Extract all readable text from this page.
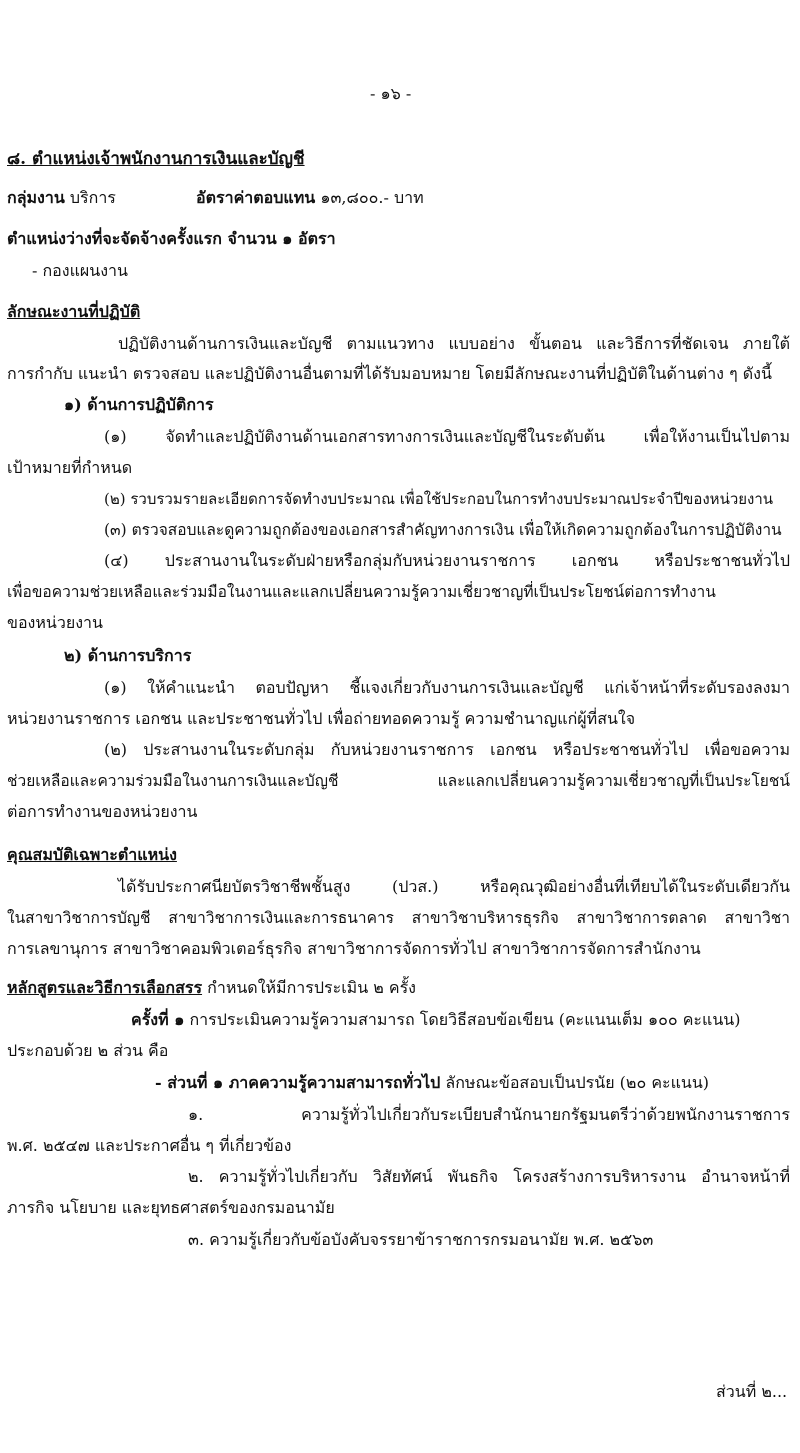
- ๑๖ -
๘. ตำแหน่งเจ้าพนักงานการเงินและบัญชี
กลุ่มงาน บริการ	อัตราค่าตอบแทน ๑๓,๘๐๐.- บาท
ตำแหน่งว่างที่จะจัดจ้างครั้งแรก จำนวน ๑ อัตรา
- กองแผนงาน
ลักษณะงานที่ปฏิบัติ
ปฏิบัติงานด้านการเงินและบัญชี ตามแนวทาง แบบอย่าง ขั้นตอน และวิธีการที่ชัดเจน ภายใต้
การกำกับ แนะนำ ตรวจสอบ และปฏิบัติงานอื่นตามที่ได้รับมอบหมาย โดยมีลักษณะงานที่ปฏิบัติในด้านต่าง ๆ ดังนี้
๑) ด้านการปฏิบัติการ
(๑) จัดทำและปฏิบัติงานด้านเอกสารทางการเงินและบัญชีในระดับต้น เพื่อให้งานเป็นไปตาม
เป้าหมายที่กำหนด
(๒) รวบรวมรายละเอียดการจัดทำงบประมาณ เพื่อใช้ประกอบในการทำงบประมาณประจำปีของหน่วยงาน
(๓) ตรวจสอบและดูความถูกต้องของเอกสารสำคัญทางการเงิน เพื่อให้เกิดความถูกต้องในการปฏิบัติงาน
(๔) ประสานงานในระดับฝ่ายหรือกลุ่มกับหน่วยงานราชการ เอกชน หรือประชาชนทั่วไป
เพื่อขอความช่วยเหลือและร่วมมือในงานและแลกเปลี่ยนความรู้ความเชี่ยวชาญที่เป็นประโยชน์ต่อการทำงาน
ของหน่วยงาน
๒) ด้านการบริการ
(๑) ให้คำแนะนำ ตอบปัญหา ชี้แจงเกี่ยวกับงานการเงินและบัญชี แก่เจ้าหน้าที่ระดับรองลงมา
หน่วยงานราชการ เอกชน และประชาชนทั่วไป เพื่อถ่ายทอดความรู้ ความชำนาญแก่ผู้ที่สนใจ
(๒) ประสานงานในระดับกลุ่ม กับหน่วยงานราชการ เอกชน หรือประชาชนทั่วไป เพื่อขอความ
ช่วยเหลือและความร่วมมือในงานการเงินและบัญชี และแลกเปลี่ยนความรู้ความเชี่ยวชาญที่เป็นประโยชน์
ต่อการทำงานของหน่วยงาน
คุณสมบัติเฉพาะตำแหน่ง
ได้รับประกาศนียบัตรวิชาชีพชั้นสูง (ปวส.) หรือคุณวุฒิอย่างอื่นที่เทียบได้ในระดับเดียวกัน
ในสาขาวิชาการบัญชี สาขาวิชาการเงินและการธนาคาร สาขาวิชาบริหารธุรกิจ สาขาวิชาการตลาด สาขาวิชา
การเลขานุการ สาขาวิชาคอมพิวเตอร์ธุรกิจ สาขาวิชาการจัดการทั่วไป สาขาวิชาการจัดการสำนักงาน
หลักสูตรและวิธีการเลือกสรร กำหนดให้มีการประเมิน ๒ ครั้ง
ครั้งที่ ๑ การประเมินความรู้ความสามารถ โดยวิธีสอบข้อเขียน (คะแนนเต็ม ๑๐๐ คะแนน)
ประกอบด้วย ๒ ส่วน คือ
- ส่วนที่ ๑ ภาคความรู้ความสามารถทั่วไป ลักษณะข้อสอบเป็นปรนัย (๒๐ คะแนน)
๑. ความรู้ทั่วไปเกี่ยวกับระเบียบสำนักนายกรัฐมนตรีว่าด้วยพนักงานราชการ
พ.ศ. ๒๕๔๗ และประกาศอื่น ๆ ที่เกี่ยวข้อง
๒. ความรู้ทั่วไปเกี่ยวกับ วิสัยทัศน์ พันธกิจ โครงสร้างการบริหารงาน อำนาจหน้าที่
ภารกิจ นโยบาย และยุทธศาสตร์ของกรมอนามัย
๓. ความรู้เกี่ยวกับข้อบังคับจรรยาข้าราชการกรมอนามัย พ.ศ. ๒๕๖๓
ส่วนที่ ๒...
